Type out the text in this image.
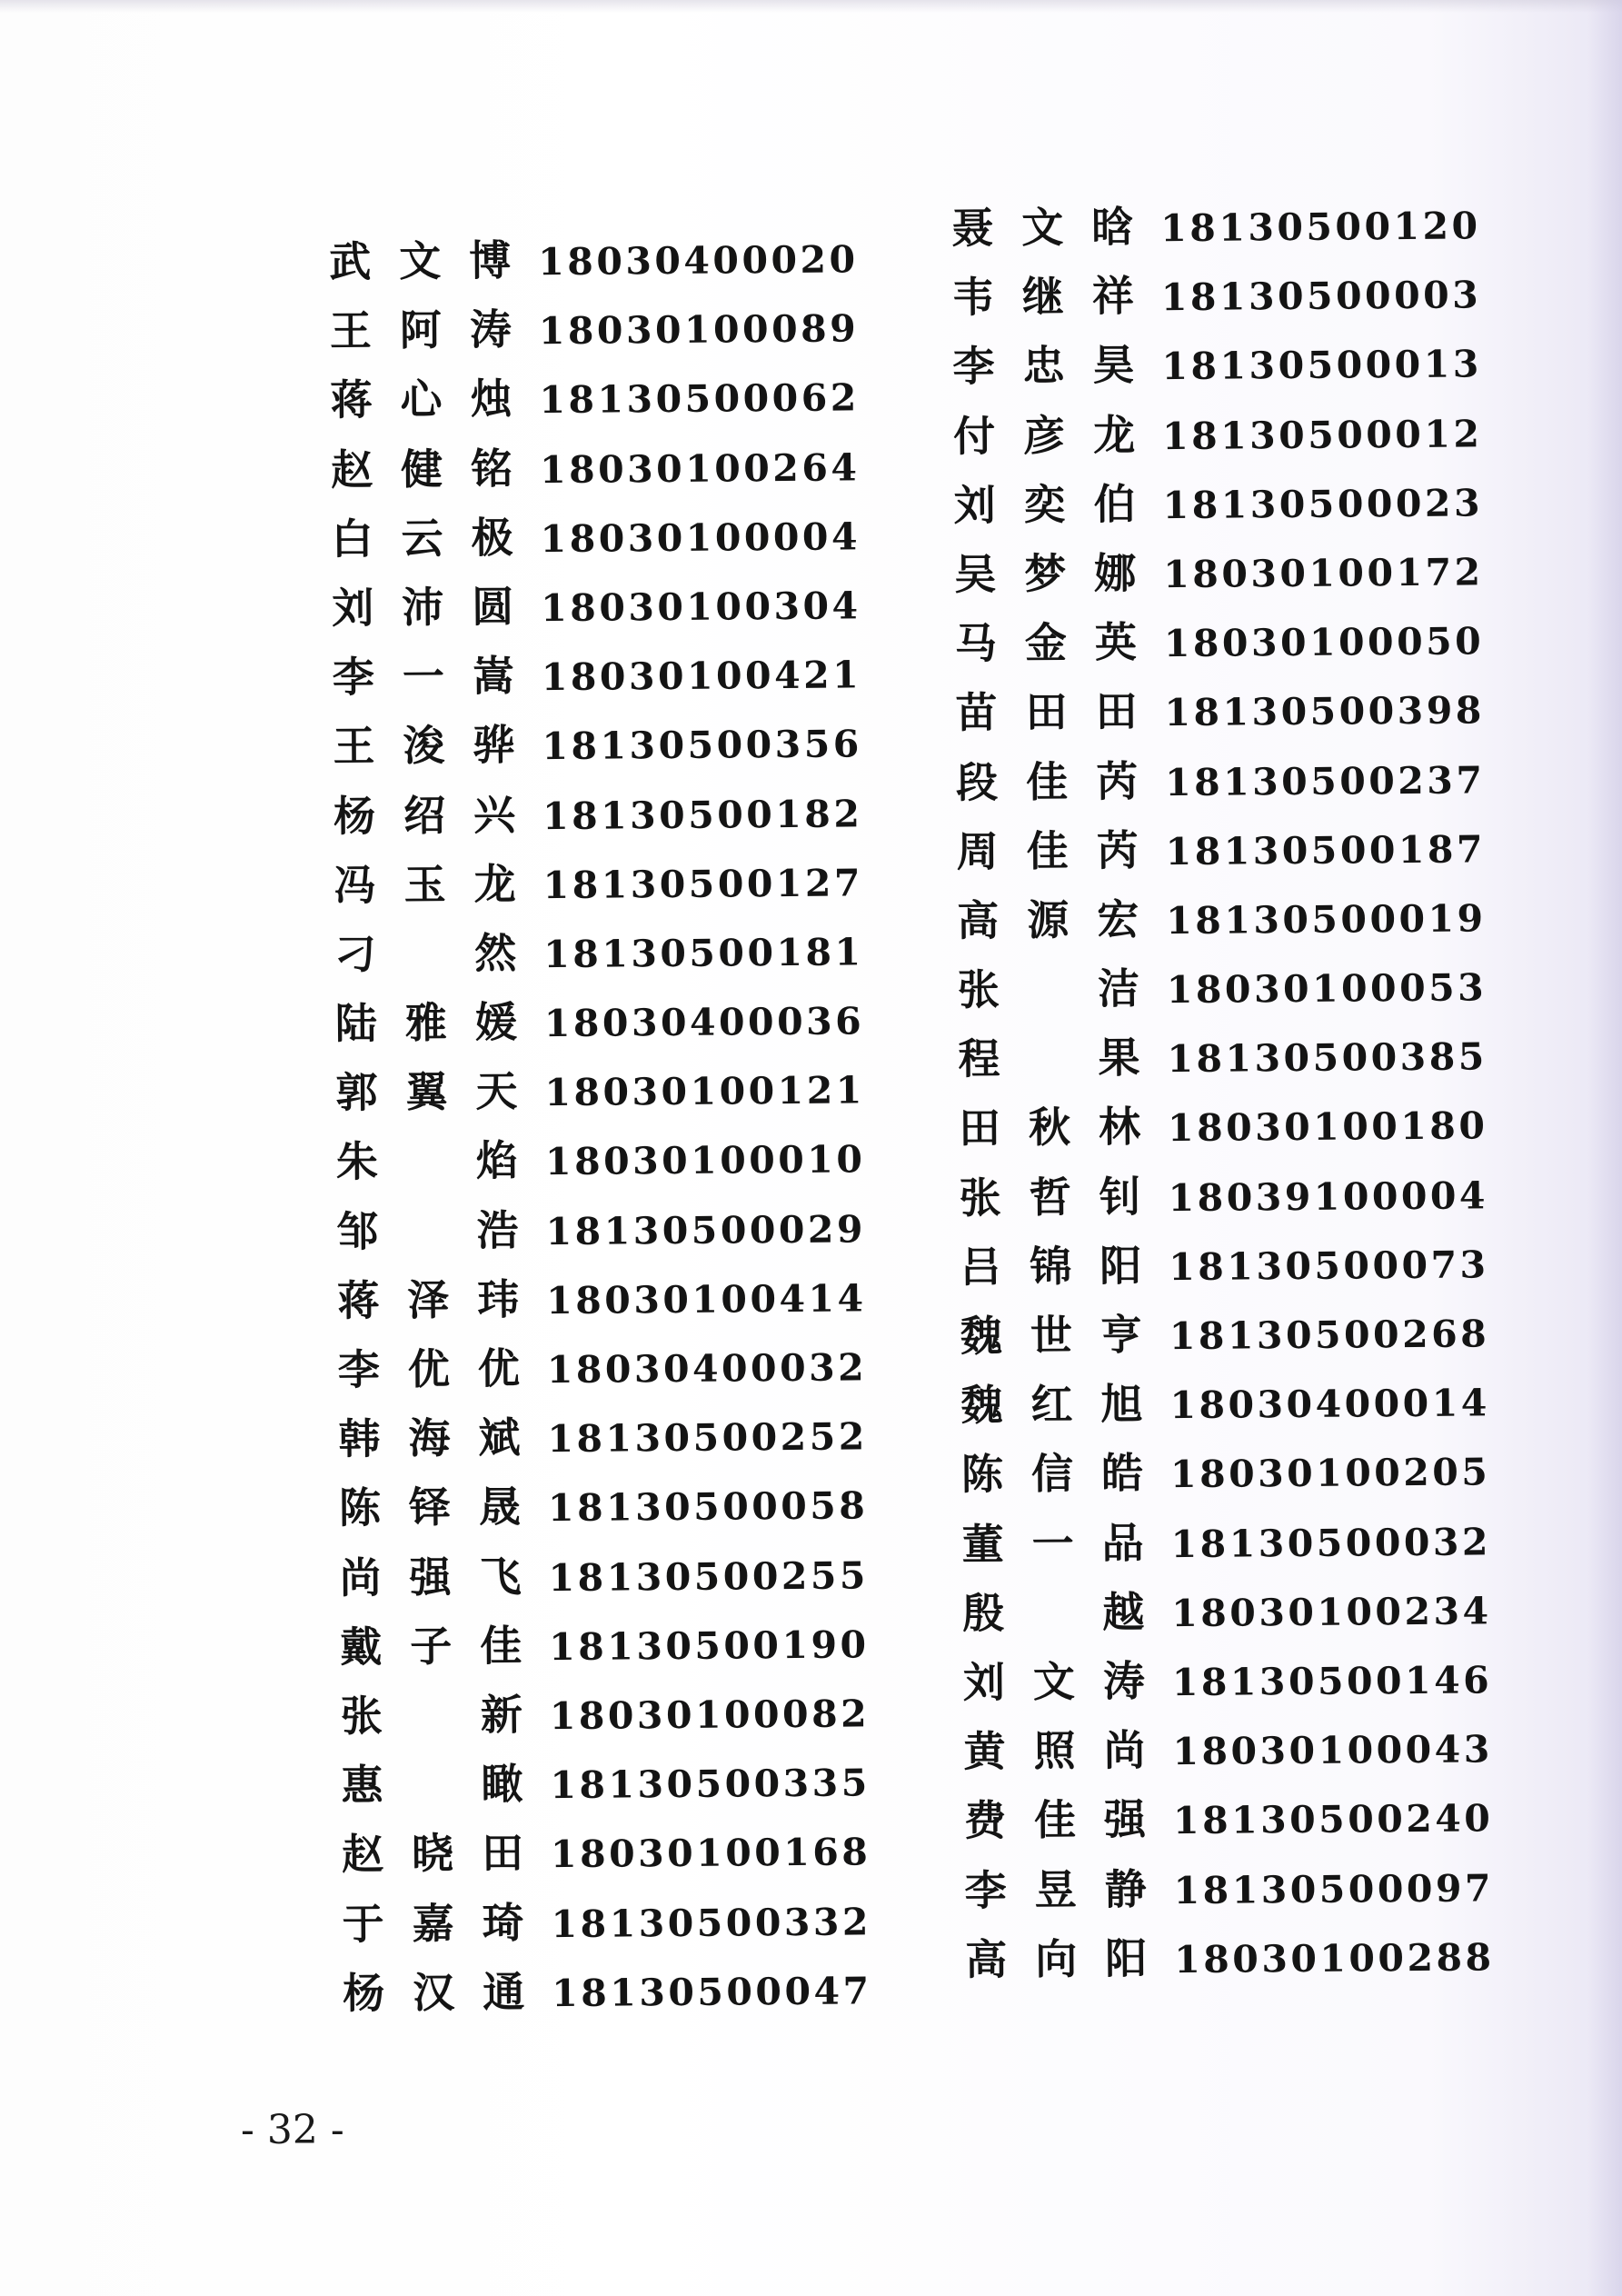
武文博 18030400020
王阿涛 18030100089
蒋心烛 18130500062
赵健铭 18030100264
白云极 18030100004
刘沛圆 18030100304
李一嵩 18030100421
王浚骅 18130500356
杨绍兴 18130500182
冯玉龙 18130500127
刁然 18130500181
陆雅媛 18030400036
郭翼天 18030100121
朱焰 18030100010
邹浩 18130500029
蒋泽玮 18030100414
李优优 18030400032
韩海斌 18130500252
陈铎晟 18130500058
尚强飞 18130500255
戴子佳 18130500190
张新 18030100082
惠瞰 18130500335
赵晓田 18030100168
于嘉琦 18130500332
杨汉通 18130500047
聂文晗 18130500120
韦继祥 18130500003
李忠昊 18130500013
付彦龙 18130500012
刘奕伯 18130500023
吴梦娜 18030100172
马金英 18030100050
苗田田 18130500398
段佳芮 18130500237
周佳芮 18130500187
高源宏 18130500019
张洁 18030100053
程果 18130500385
田秋林 18030100180
张哲钊 18039100004
吕锦阳 18130500073
魏世亨 18130500268
魏红旭 18030400014
陈信皓 18030100205
董一品 18130500032
殷越 18030100234
刘文涛 18130500146
黄照尚 18030100043
费佳强 18130500240
李昱静 18130500097
高向阳 18030100288
- 32 -
